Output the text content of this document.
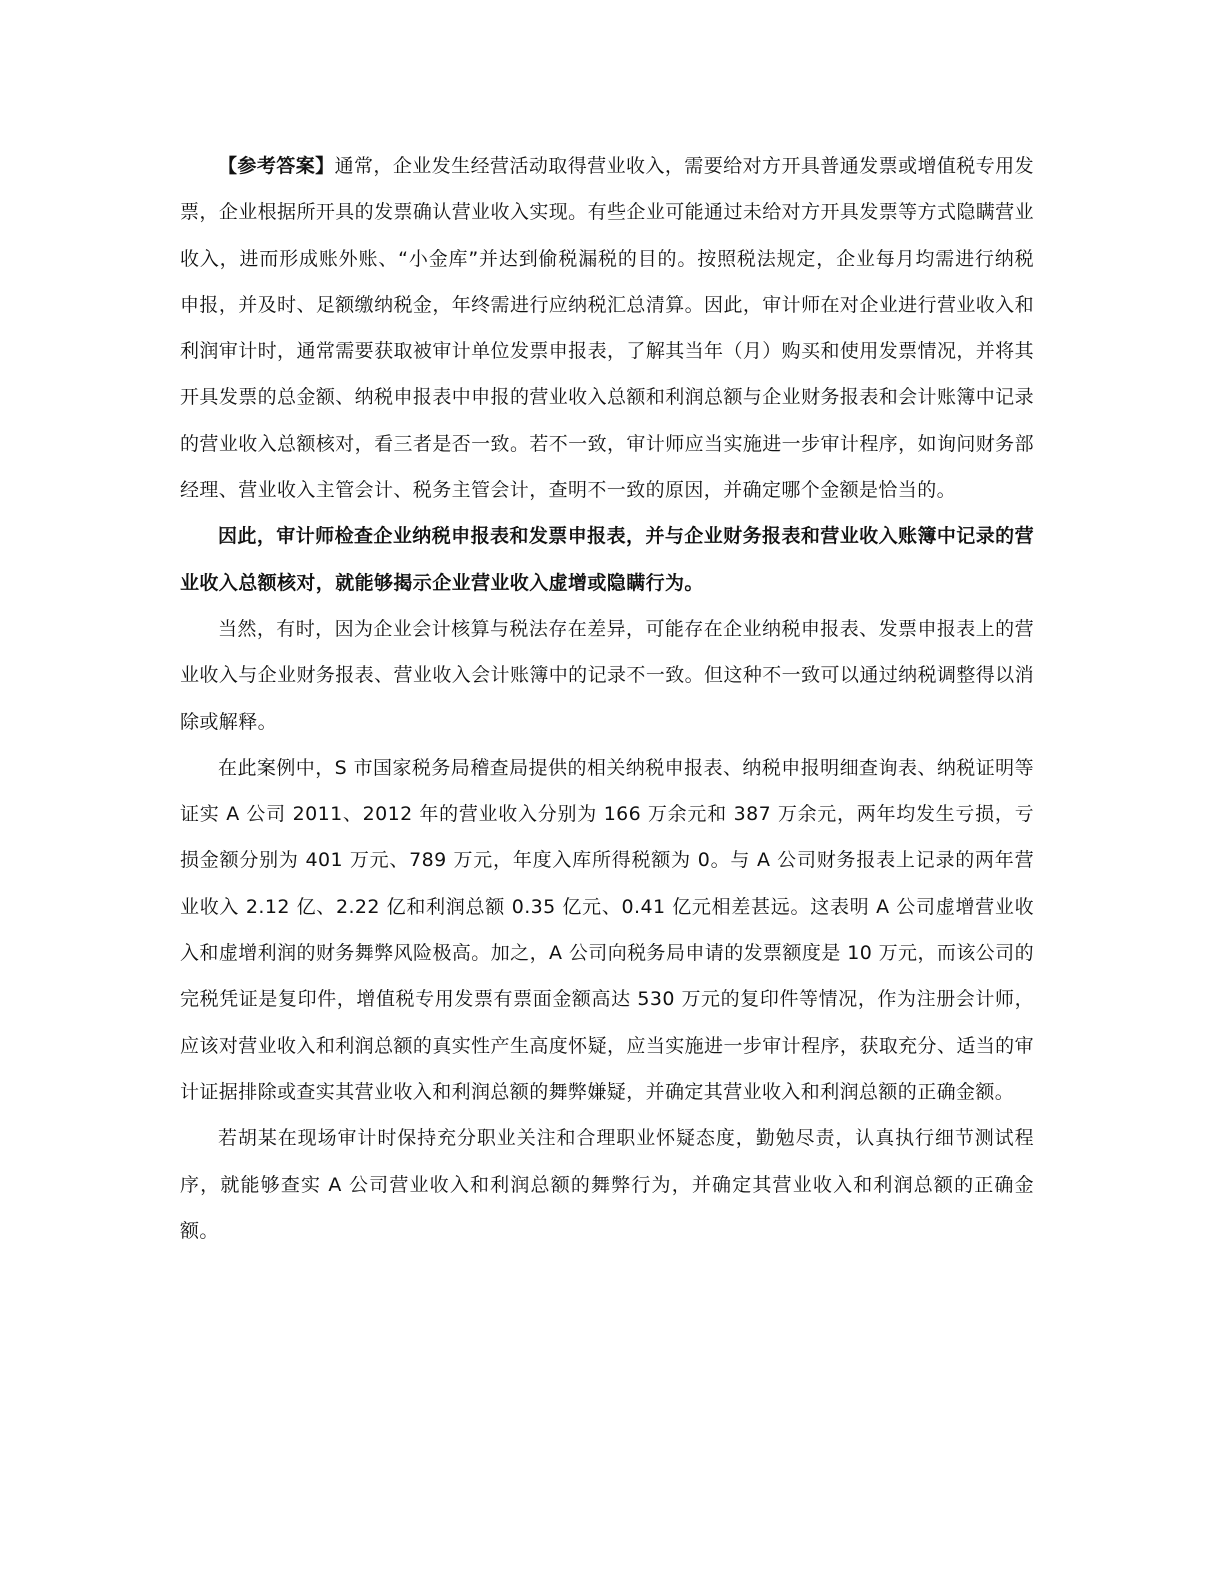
【参考答案】通常，企业发生经营活动取得营业收入，需要给对方开具普通发票或增值税专用发票，企业根据所开具的发票确认营业收入实现。有些企业可能通过未给对方开具发票等方式隐瞒营业收入，进而形成账外账、“小金库”并达到偷税漏税的目的。按照税法规定，企业每月均需进行纳税申报，并及时、足额缴纳税金，年终需进行应纳税汇总清算。因此，审计师在对企业进行营业收入和利润审计时，通常需要获取被审计单位发票申报表，了解其当年（月）购买和使用发票情况，并将其开具发票的总金额、纳税申报表中申报的营业收入总额和利润总额与企业财务报表和会计账簿中记录的营业收入总额核对，看三者是否一致。若不一致，审计师应当实施进一步审计程序，如询问财务部经理、营业收入主管会计、税务主管会计，查明不一致的原因，并确定哪个金额是恰当的。

因此，审计师检查企业纳税申报表和发票申报表，并与企业财务报表和营业收入账簿中记录的营业收入总额核对，就能够揭示企业营业收入虚增或隐瞒行为。

当然，有时，因为企业会计核算与税法存在差异，可能存在企业纳税申报表、发票申报表上的营业收入与企业财务报表、营业收入会计账簿中的记录不一致。但这种不一致可以通过纳税调整得以消除或解释。

在此案例中，S 市国家税务局稽查局提供的相关纳税申报表、纳税申报明细查询表、纳税证明等证实 A 公司 2011、2012 年的营业收入分别为 166 万余元和 387 万余元，两年均发生亏损，亏损金额分别为 401 万元、789 万元，年度入库所得税额为 0。与 A 公司财务报表上记录的两年营业收入 2.12 亿、2.22 亿和利润总额 0.35 亿元、0.41 亿元相差甚远。这表明 A 公司虚增营业收入和虚增利润的财务舞弊风险极高。加之，A 公司向税务局申请的发票额度是 10 万元，而该公司的完税凭证是复印件，增值税专用发票有票面金额高达 530 万元的复印件等情况，作为注册会计师，应该对营业收入和利润总额的真实性产生高度怀疑，应当实施进一步审计程序，获取充分、适当的审计证据排除或查实其营业收入和利润总额的舞弊嫌疑，并确定其营业收入和利润总额的正确金额。

若胡某在现场审计时保持充分职业关注和合理职业怀疑态度，勤勉尽责，认真执行细节测试程序，就能够查实 A 公司营业收入和利润总额的舞弊行为，并确定其营业收入和利润总额的正确金额。
